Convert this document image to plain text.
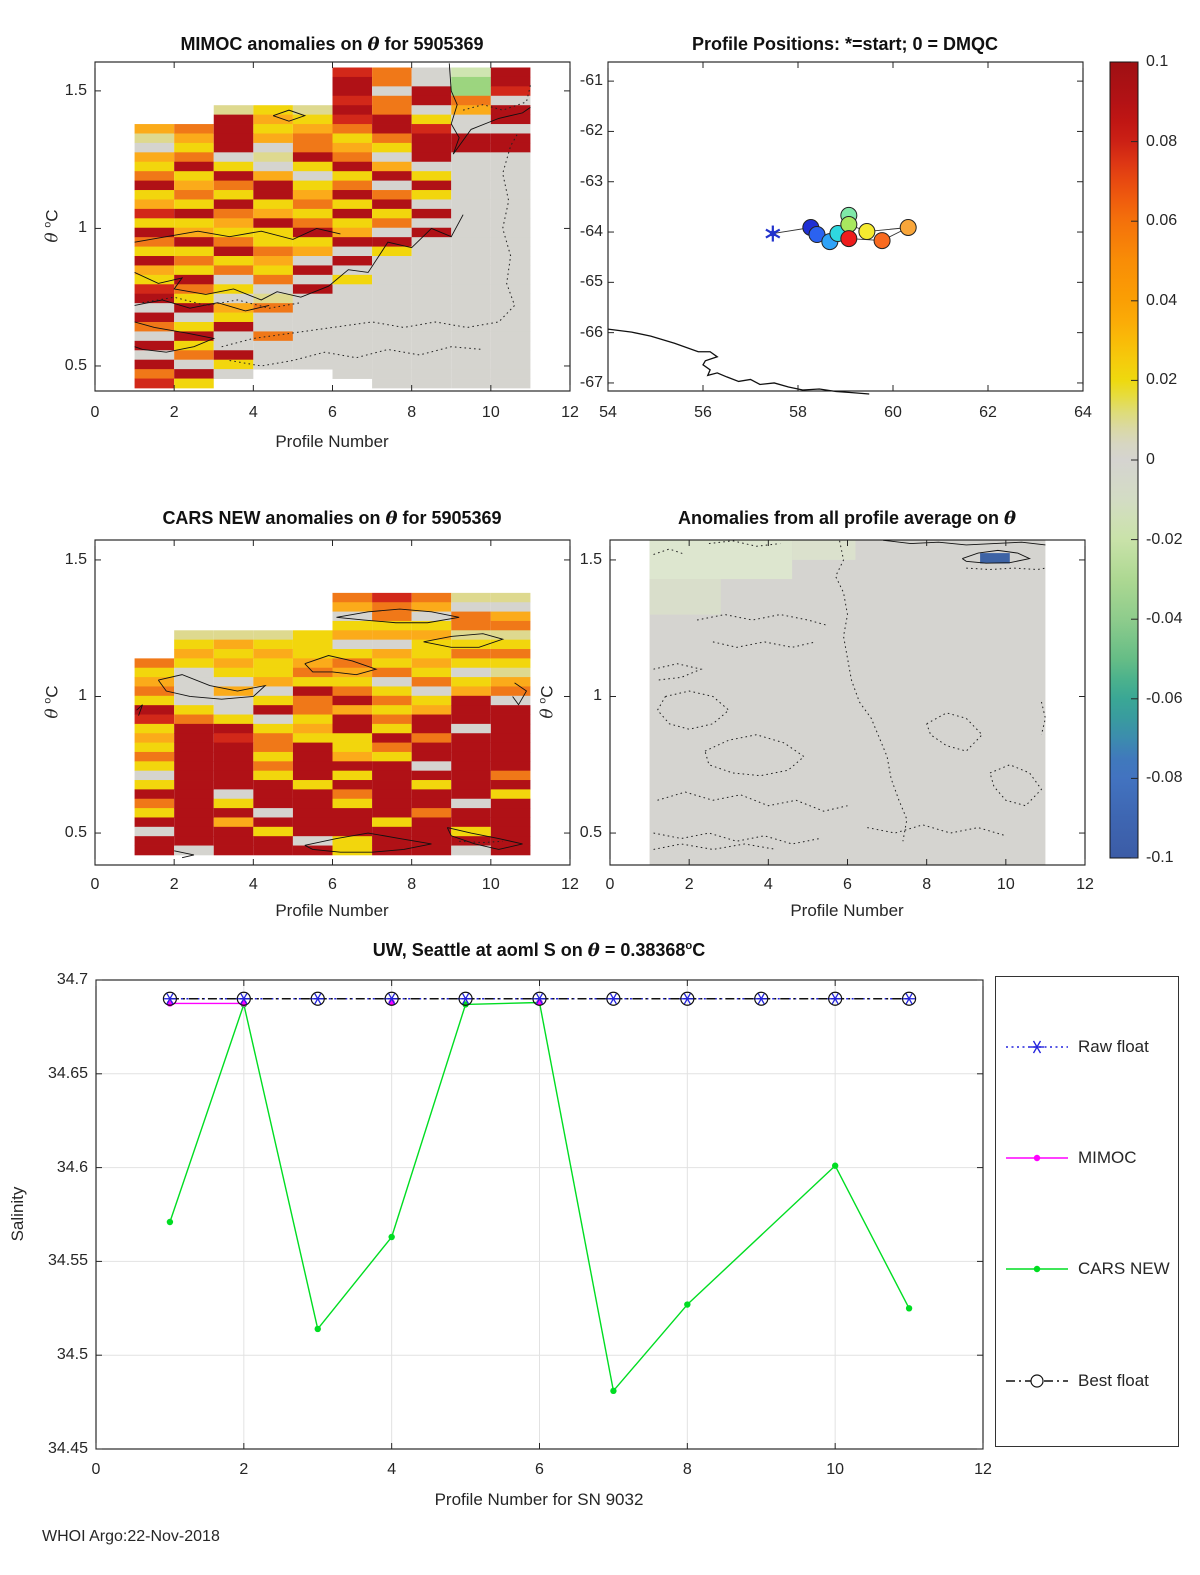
MIMOC anomalies on θ for 5905369	Profile Positions: *=start; 0 = DMQC
CARS NEW anomalies on θ for 5905369	Anomalies from all profile average on θ
UW, Seattle at aoml S on $\theta = 0.38368^oC$
Profile Number
Profile Number	Profile Number
Profile Number for SN 9032
θ $^o$C
θ $^o$C
θ $^o$C
Salinity
Raw float
MIMOC
CARS NEW
Best float
WHOI Argo:22-Nov-2018
0	2	4	6	8	10	12
0.5
1
1.5
54	56	58	60	62	64
-61
-62
-63
-64
-65
-66
-67
0	2	4	6	8	10	12
0.5
1
1.5
0	2	4	6	8	10	12
0.5
1
1.5
0	2	4	6	8	10	12
34.45
34.5
34.55
34.6
34.65
34.7
0.1
0.08
0.06
0.04
0.02
0
-0.02
-0.04
-0.06
-0.08
-0.1
